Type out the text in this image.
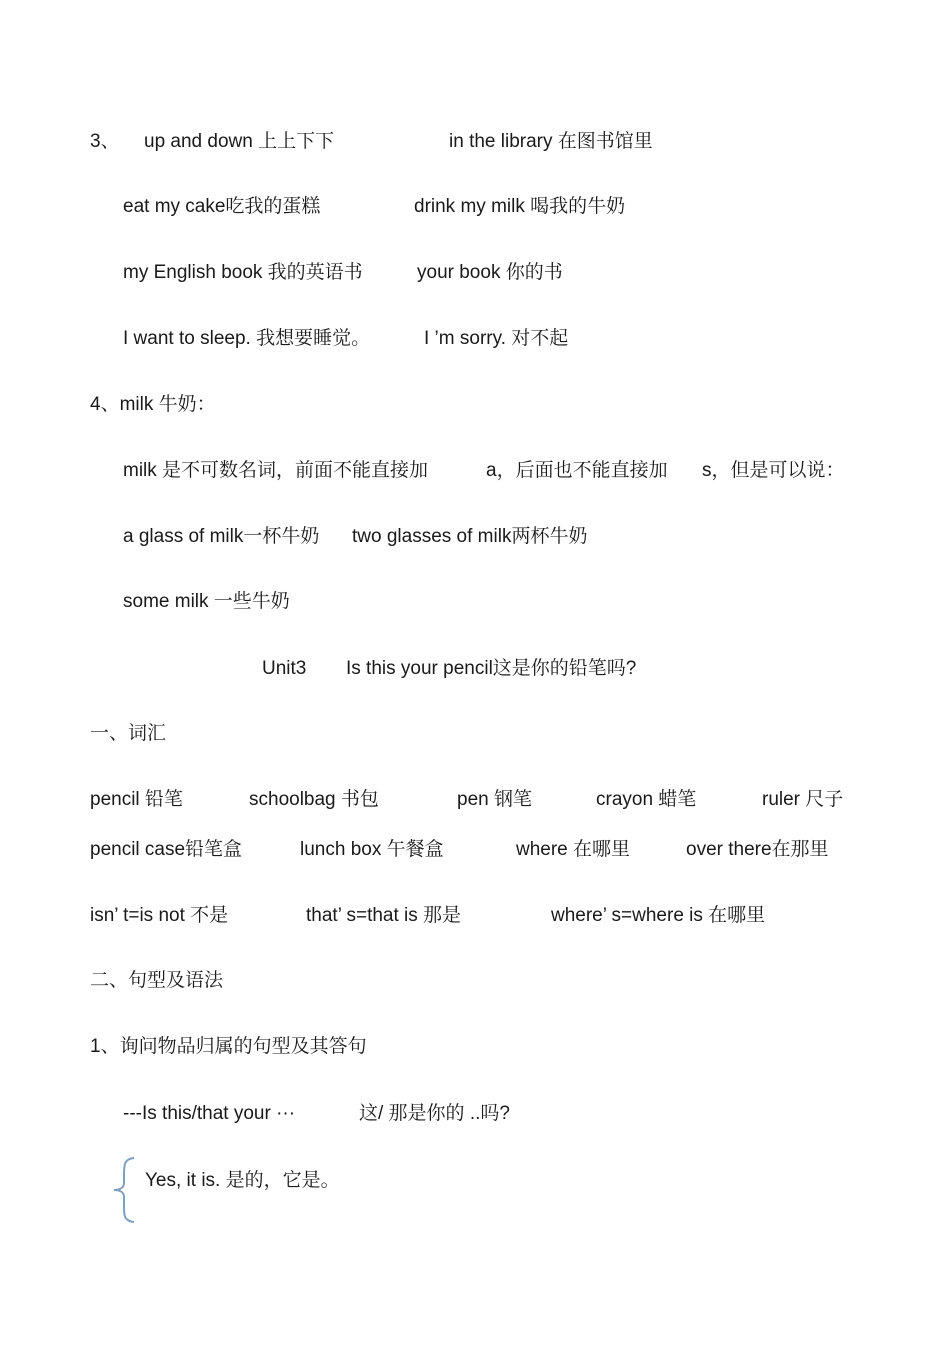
3、 up and down 上上下下	in the library 在图书馆里
eat my cake吃我的蛋糕	drink my milk 喝我的牛奶
my English book 我的英语书	your book 你的书
I want to sleep. 我想要睡觉。	I ’m sorry. 对不起
4、milk 牛奶：
milk 是不可数名词，前面不能直接加	a，后面也不能直接加 s，但是可以说：
a glass of milk一杯牛奶 two glasses of milk两杯牛奶
some milk 一些牛奶
Unit3 Is this your pencil这是你的铅笔吗?
一、词汇
pencil 铅笔	schoolbag 书包	pen 钢笔	crayon 蜡笔	ruler 尺子
pencil case铅笔盒	lunch box 午餐盒	where 在哪里	over there在那里
isn’ t=is not 不是	that’ s=that is 那是	where’ s=where is 在哪里
二、句型及语法
1、询问物品归属的句型及其答句
---Is this/that your ···	这/ 那是你的 ..吗?
Yes, it is. 是的，它是。
